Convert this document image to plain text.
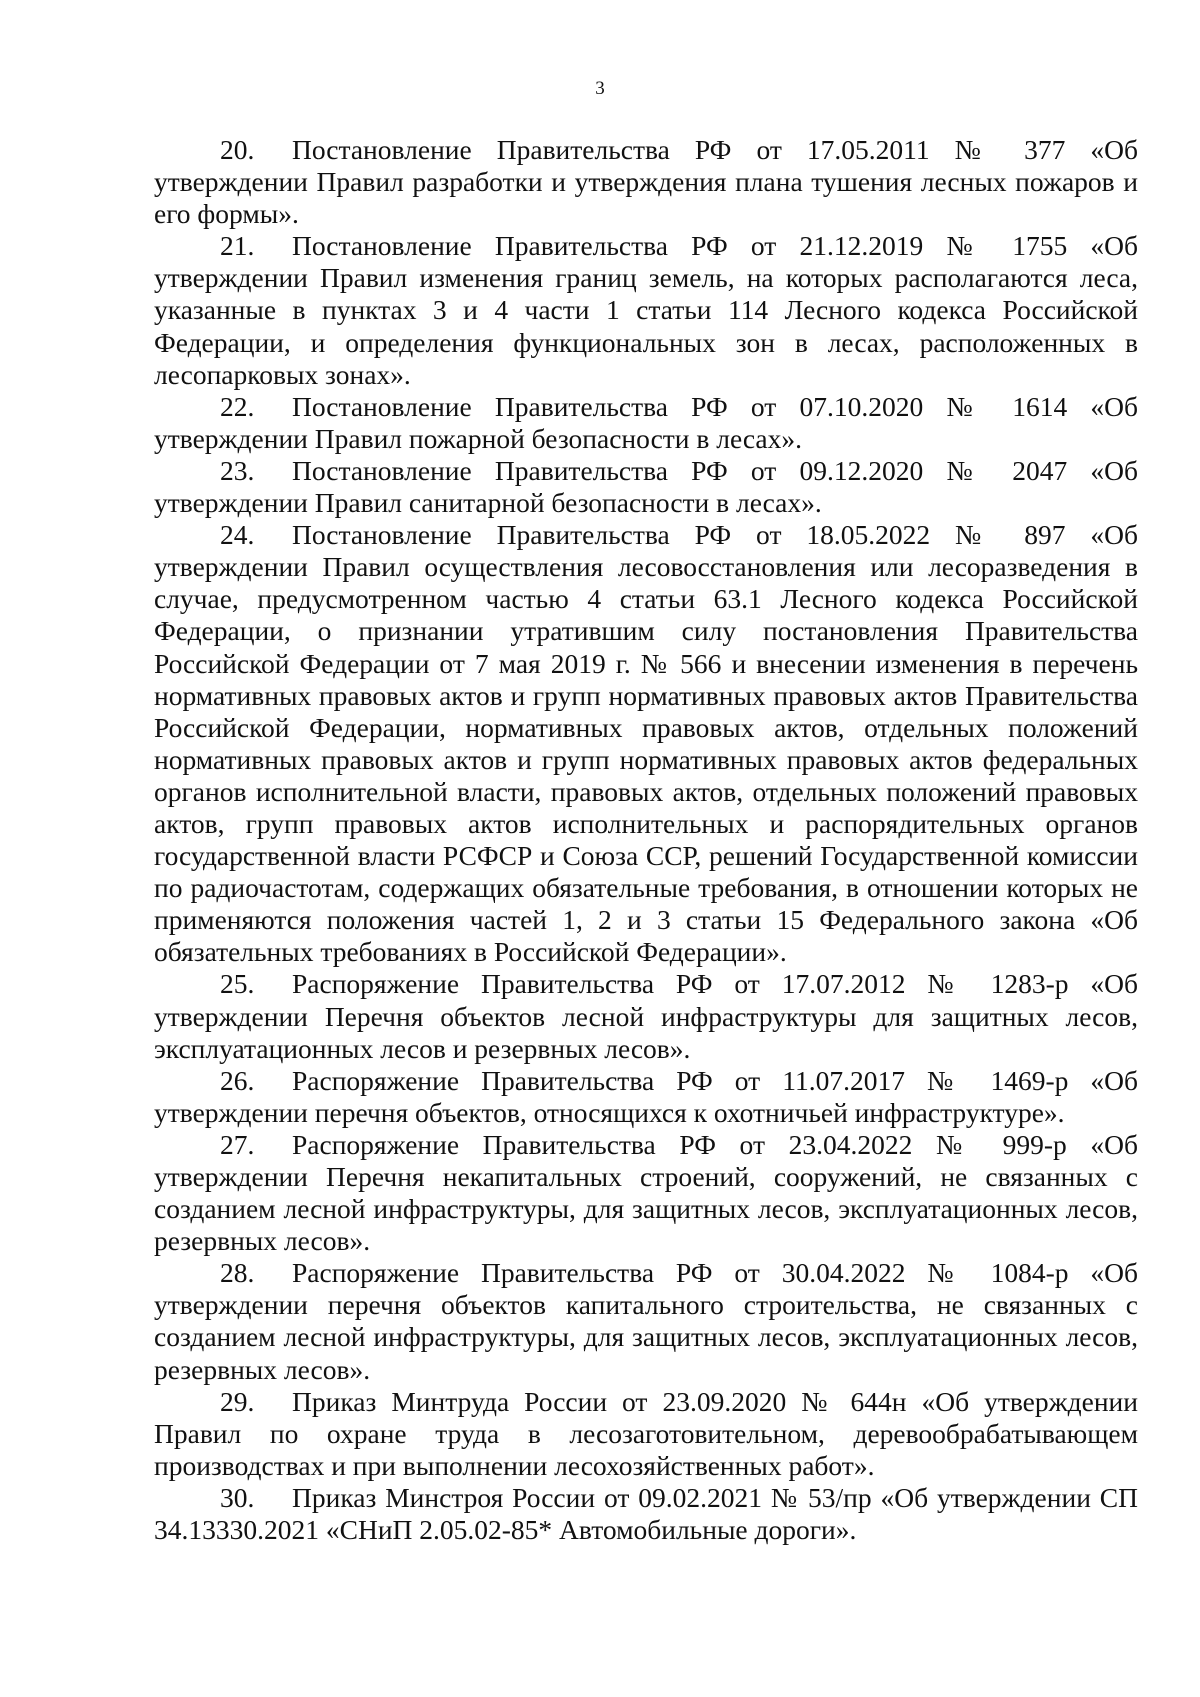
3

20. Постановление Правительства РФ от 17.05.2011 № 377 «Об утверждении Правил разработки и утверждения плана тушения лесных пожаров и его формы».

21. Постановление Правительства РФ от 21.12.2019 № 1755 «Об утверждении Правил изменения границ земель, на которых располагаются леса, указанные в пунктах 3 и 4 части 1 статьи 114 Лесного кодекса Российской Федерации, и определения функциональных зон в лесах, расположенных в лесопарковых зонах».

22. Постановление Правительства РФ от 07.10.2020 № 1614 «Об утверждении Правил пожарной безопасности в лесах».

23. Постановление Правительства РФ от 09.12.2020 № 2047 «Об утверждении Правил санитарной безопасности в лесах».

24. Постановление Правительства РФ от 18.05.2022 № 897 «Об утверждении Правил осуществления лесовосстановления или лесоразведения в случае, предусмотренном частью 4 статьи 63.1 Лесного кодекса Российской Федерации, о признании утратившим силу постановления Правительства Российской Федерации от 7 мая 2019 г. № 566 и внесении изменения в перечень нормативных правовых актов и групп нормативных правовых актов Правительства Российской Федерации, нормативных правовых актов, отдельных положений нормативных правовых актов и групп нормативных правовых актов федеральных органов исполнительной власти, правовых актов, отдельных положений правовых актов, групп правовых актов исполнительных и распорядительных органов государственной власти РСФСР и Союза ССР, решений Государственной комиссии по радиочастотам, содержащих обязательные требования, в отношении которых не применяются положения частей 1, 2 и 3 статьи 15 Федерального закона «Об обязательных требованиях в Российской Федерации».

25. Распоряжение Правительства РФ от 17.07.2012 № 1283-р «Об утверждении Перечня объектов лесной инфраструктуры для защитных лесов, эксплуатационных лесов и резервных лесов».

26. Распоряжение Правительства РФ от 11.07.2017 № 1469-р «Об утверждении перечня объектов, относящихся к охотничьей инфраструктуре».

27. Распоряжение Правительства РФ от 23.04.2022 № 999-р «Об утверждении Перечня некапитальных строений, сооружений, не связанных с созданием лесной инфраструктуры, для защитных лесов, эксплуатационных лесов, резервных лесов».

28. Распоряжение Правительства РФ от 30.04.2022 № 1084-р «Об утверждении перечня объектов капитального строительства, не связанных с созданием лесной инфраструктуры, для защитных лесов, эксплуатационных лесов, резервных лесов».

29. Приказ Минтруда России от 23.09.2020 № 644н «Об утверждении Правил по охране труда в лесозаготовительном, деревообрабатывающем производствах и при выполнении лесохозяйственных работ».

30. Приказ Минстроя России от 09.02.2021 № 53/пр «Об утверждении СП 34.13330.2021 «СНиП 2.05.02-85* Автомобильные дороги».
